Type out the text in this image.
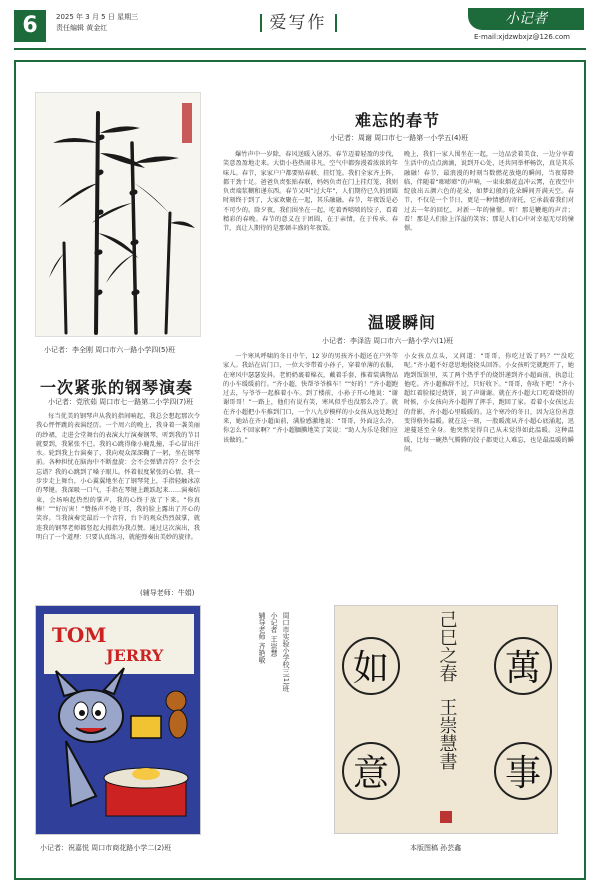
6	2025 年 3 月 5 日 星期三
责任编辑 黄金红	爱写作	小记者
E-mail:xjdzwbxjz@126.com
小记者：李全刚 周口市六一路小学四(5)班
一次紧张的钢琴演奏
小记者：党欣茹 周口市七一路第二小学四(7)班
每当优美的钢琴声从我的指间响起，我总会想起那次令我心怦怦跳的表演经历。一个周六的晚上，我身着一袭美丽的纱裙，走进会堂舞台的表演大厅演奏钢琴，听到我的节目就要到，我紧张不已。我的心跳得像小鹿乱撞，手心冒出汗水。轮到我上台演奏了，我向观众深深鞠了一躬，坐在钢琴前。各种担忧在脑海中不断盘旋：会不会弹错音符？会不会忘谱？我的心跳到了嗓子眼儿。怀着很度紧张的心情，我一步步走上舞台，小心翼翼地坐在了钢琴凳上，手指轻触冰凉的琴键。我深吸一口气，手指在琴键上跳跃起来……演奏结束，会场响起热烈的掌声，我的心终于放了下来。“你真棒！”“好厉害！”赞扬声不绝于耳，我的脸上露出了开心的笑容。当我演奏完最后一个音符，台下的观众热烈鼓掌，就连我的钢琴老师都竖起大拇指为我点赞。通过这次演出，我明白了一个道理：只要认真练习，就能弹奏出美妙的旋律。
(辅导老师：牛娟)
难忘的春节
小记者：周谢 周口市七一路第一小学五(4)班
爆竹声中一岁除，春风送暖入屠苏。春节迈着轻盈的步伐，笑意盈盈地走来。大街小巷热闹非凡，空气中都弥漫着浓浓的年味儿。春节，家家户户都要贴春联、挂灯笼。我们全家齐上阵，都干劲十足。爸爸负责张贴春联，妈妈负责在门上挂灯笼，我则负责端浆糊和递东西。春节又叫“过大年”，人们期待已久的团圆时刻终于到了，大家欢聚在一起，其乐融融。春节，年夜饭是必不可少的。除夕夜，我们围坐在一起，吃着香喷喷的饺子，看着精彩的春晚。春节的意义在于团圆，在于亲情，在于传承。春节，真让人期待的是那顿丰盛的年夜饭。
晚上，我们一家人围坐在一起，一边品尝着美食，一边分享着生活中的点点滴滴，说到开心处，还共同举杯畅饮，真是其乐融融！春节，最浪漫的时刻当数燃花放炮的瞬间，当夜幕降临，伴随着“嘭嘭嘭”的声响，一束束烟花直冲云霄，在夜空中绽放出五颜六色的花朵，如梦幻般的花朵瞬间开满天空。春节，不仅是一个节日，更是一种情感的寄托，它承载着我们对过去一年的回忆，对新一年的憧憬。听！那是鞭炮的声音；看！那是人们脸上洋溢的笑容；那是人们心中对幸福无尽的憧憬。
温暖瞬间
小记者：李泽浩 周口市六一路小学六(1)班
一个寒风呼啸的冬日中午，12 岁的男孩齐小超还在户外等家人。我站在店门口，一位大爷带着小孙子，穿着单薄的衣服，在寒风中瑟瑟发抖。老奶奶裹着棉衣，戴着手套，推着装满物品的小车缓缓前行。“齐小超，快帮爷爷推车！”“好的！”齐小超跑过去，与爷爷一起推着小车。到了楼前，小孙子开心地说：“谢谢哥哥！”一路上，他们有说有笑，寒风似乎也没那么冷了。就在齐小超把小车推到门口，一个八九岁模样的小女孩从远处跑过来，她站在齐小超面前，满脸感激地说：“哥哥，外面这么冷，你怎么不回家啊？”齐小超腼腆地笑了笑说：“助人为乐是我们应该做的。”
小女孩点点头，又问道：“哥哥，你吃过饭了吗？”“没吃呢。”齐小超不好意思地挠挠头回答。小女孩听完就跑开了，她跑到饭馆里，买了两个热乎乎的烧饼递到齐小超面前，执意让他吃。齐小超推辞不过，只好收下。“哥哥，你收下吧！”齐小超红着脸接过烧饼，说了声谢谢。就在齐小超大口吃着烧饼的时候，小女孩向齐小超挥了挥手，跑回了家。看着小女孩远去的背影，齐小超心里暖暖的。这个寒冷的冬日，因为这份善意变得格外温暖。就在这一刻，一股暖流从齐小超心底涌起，迅速蔓延至全身。他突然觉得自己从未觉得如此温暖。这种温暖，比每一碗热气腾腾的饺子都更让人难忘，也是最温暖的瞬间。
TOM
JERRY
小记者：祝嘉悦 周口市商花路小学二(2)班
周口市实验小学校三(1)班
小记者 王崇慧
辅导老师 齐艳敏
如
意
萬
事
己巳之春
王崇慧書
本版图稿 孙芸鑫
